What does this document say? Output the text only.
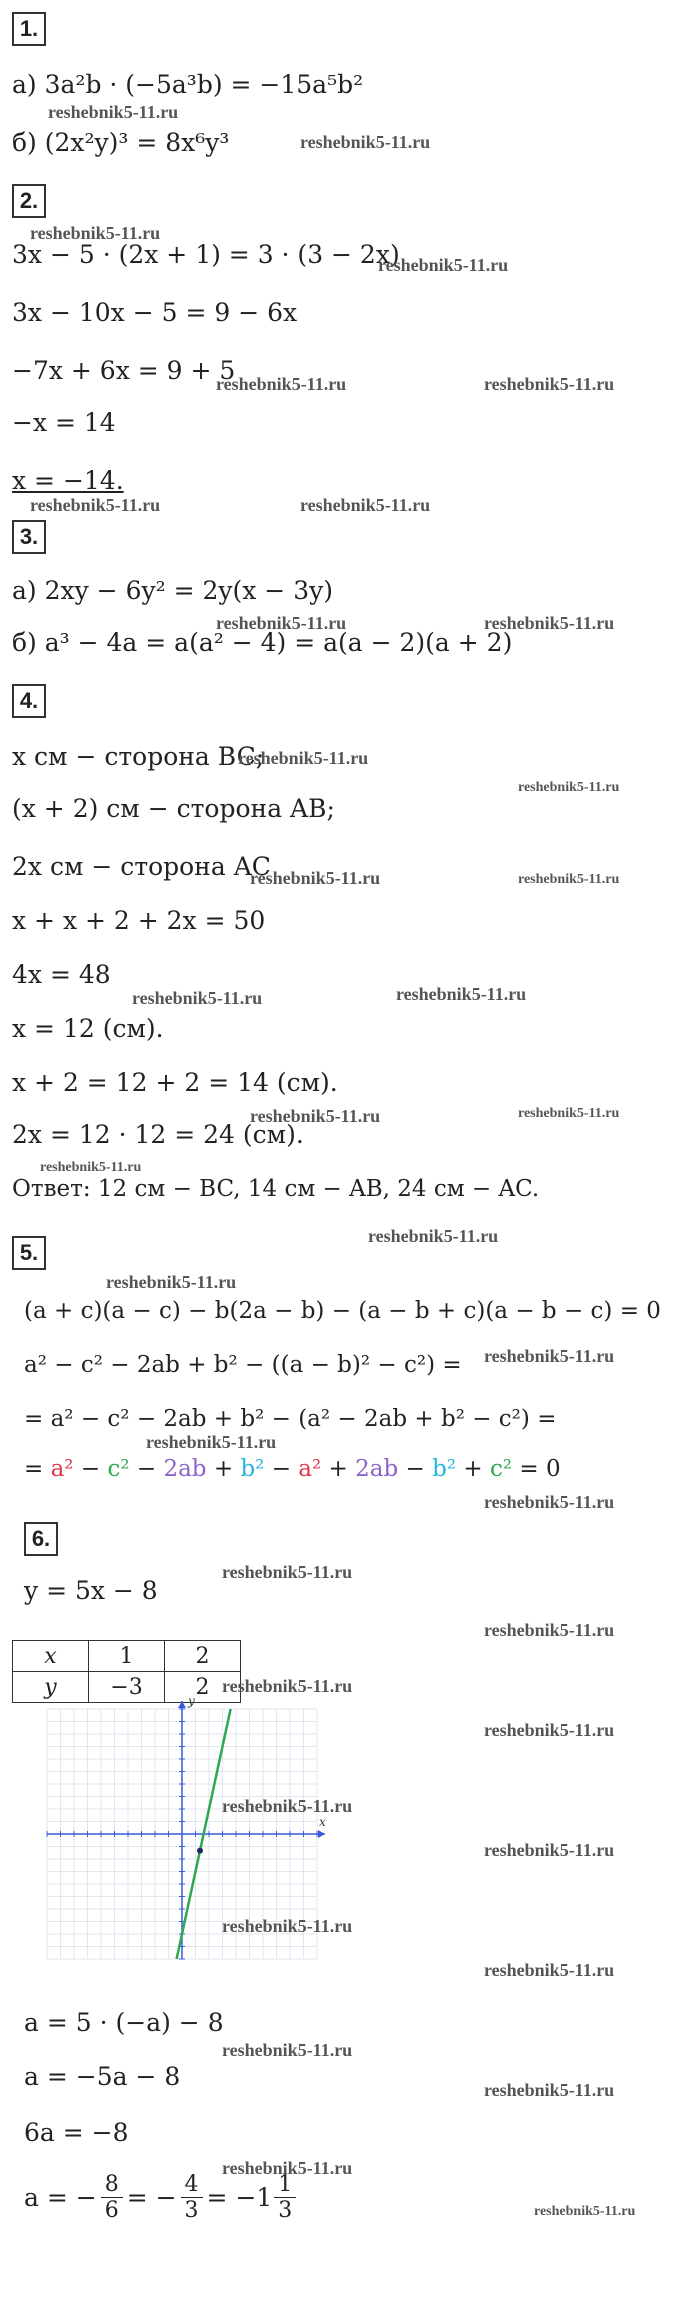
1.
а) 3a²b · (−5a³b) = −15a⁵b²
reshebnik5-11.ru
б) (2x²y)³ = 8x⁶y³	reshebnik5-11.ru
2.
reshebnik5-11.ru
3x − 5 · (2x + 1) = 3 · (3 − 2x)
reshebnik5-11.ru
3x − 10x − 5 = 9 − 6x
−7x + 6x = 9 + 5
reshebnik5-11.ru	reshebnik5-11.ru
−x = 14
x = −14.
reshebnik5-11.ru	reshebnik5-11.ru
3.
а) 2xy − 6y² = 2y(x − 3y)
reshebnik5-11.ru	reshebnik5-11.ru
б) a³ − 4a = a(a² − 4) = a(a − 2)(a + 2)
4.
x см − сторона BC;
reshebnik5-11.ru
reshebnik5-11.ru
(x + 2) см − сторона AB;
2x см − сторона AC
reshebnik5-11.ru	reshebnik5-11.ru
x + x + 2 + 2x = 50
4x = 48
reshebnik5-11.ru	reshebnik5-11.ru
x = 12 (см).
x + 2 = 12 + 2 = 14 (см).
reshebnik5-11.ru	reshebnik5-11.ru
2x = 12 · 12 = 24 (см).
reshebnik5-11.ru
Ответ: 12 см − BC, 14 см − AB, 24 см − AC.
5.
reshebnik5-11.ru
reshebnik5-11.ru
(a + c)(a − c) − b(2a − b) − (a − b + c)(a − b − c) = 0
reshebnik5-11.ru
a² − c² − 2ab + b² − ((a − b)² − c²) =
= a² − c² − 2ab + b² − (a² − 2ab + b² − c²) =
reshebnik5-11.ru
= a² − c² − 2ab + b² − a² + 2ab − b² + c² = 0
reshebnik5-11.ru
6.
reshebnik5-11.ru
y = 5x − 8
reshebnik5-11.ru
x	1	2
y	−3	2 reshebnik5-11.ru
reshebnik5-11.ru
x
y
reshebnik5-11.ru
reshebnik5-11.ru
reshebnik5-11.ru
reshebnik5-11.ru
a = 5 · (−a) − 8
reshebnik5-11.ru
a = −5a − 8	reshebnik5-11.ru
6a = −8
reshebnik5-11.ru
a = − $\frac{8}{6}$ = − $\frac{4}{3} = -1 \frac{1}{3}$	reshebnik5-11.ru
